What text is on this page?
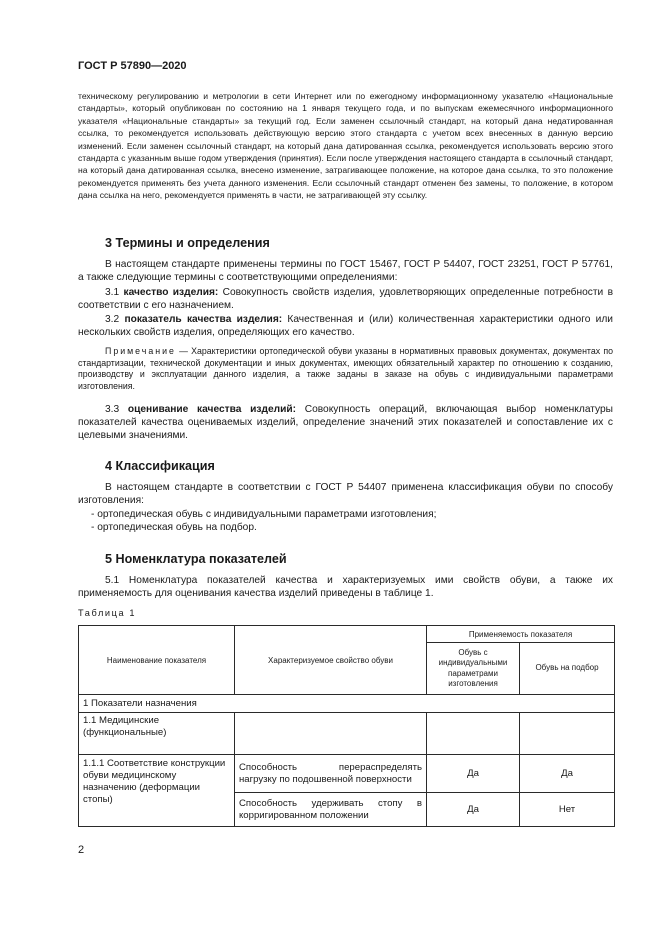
ГОСТ Р 57890—2020
техническому регулированию и метрологии в сети Интернет или по ежегодному информационному указателю «Национальные стандарты», который опубликован по состоянию на 1 января текущего года, и по выпускам ежемесячного информационного указателя «Национальные стандарты» за текущий год. Если заменен ссылочный стандарт, на который дана недатированная ссылка, то рекомендуется использовать действующую версию этого стандарта с учетом всех внесенных в данную версию изменений. Если заменен ссылочный стандарт, на который дана датированная ссылка, рекомендуется использовать версию этого стандарта с указанным выше годом утверждения (принятия). Если после утверждения настоящего стандарта в ссылочный стандарт, на который дана датированная ссылка, внесено изменение, затрагивающее положение, на которое дана ссылка, то это положение рекомендуется применять без учета данного изменения. Если ссылочный стандарт отменен без замены, то положение, в котором дана ссылка на него, рекомендуется применять в части, не затрагивающей эту ссылку.
3 Термины и определения
В настоящем стандарте применены термины по ГОСТ 15467, ГОСТ Р 54407, ГОСТ 23251, ГОСТ Р 57761, а также следующие термины с соответствующими определениями:
3.1 качество изделия: Совокупность свойств изделия, удовлетворяющих определенные потребности в соответствии с его назначением.
3.2 показатель качества изделия: Качественная и (или) количественная характеристики одного или нескольких свойств изделия, определяющих его качество.
Примечание — Характеристики ортопедической обуви указаны в нормативных правовых документах, документах по стандартизации, технической документации и иных документах, имеющих обязательный характер по отношению к созданию, производству и эксплуатации данного изделия, а также заданы в заказе на обувь с индивидуальными параметрами изготовления.
3.3 оценивание качества изделий: Совокупность операций, включающая выбор номенклатуры показателей качества оцениваемых изделий, определение значений этих показателей и сопоставление их с целевыми значениями.
4 Классификация
В настоящем стандарте в соответствии с ГОСТ Р 54407 применена классификация обуви по способу изготовления:
- ортопедическая обувь с индивидуальными параметрами изготовления;
- ортопедическая обувь на подбор.
5 Номенклатура показателей
5.1 Номенклатура показателей качества и характеризуемых ими свойств обуви, а также их применяемость для оценивания качества изделий приведены в таблице 1.
Таблица 1
Наименование показателя	Характеризуемое свойство обуви	Применяемость показателя	
		Обувь с индивидуальными параметрами изготовления	Обувь на подбор
1 Показатели назначения			
1.1 Медицинские (функциональные)			
1.1.1 Соответствие конструкции обуви медицинскому назначению (деформации стопы)	Способность перераспределять нагрузку по подошвенной поверхности	Да	Да
	Способность удерживать стопу в корригированном положении	Да	Нет
2
